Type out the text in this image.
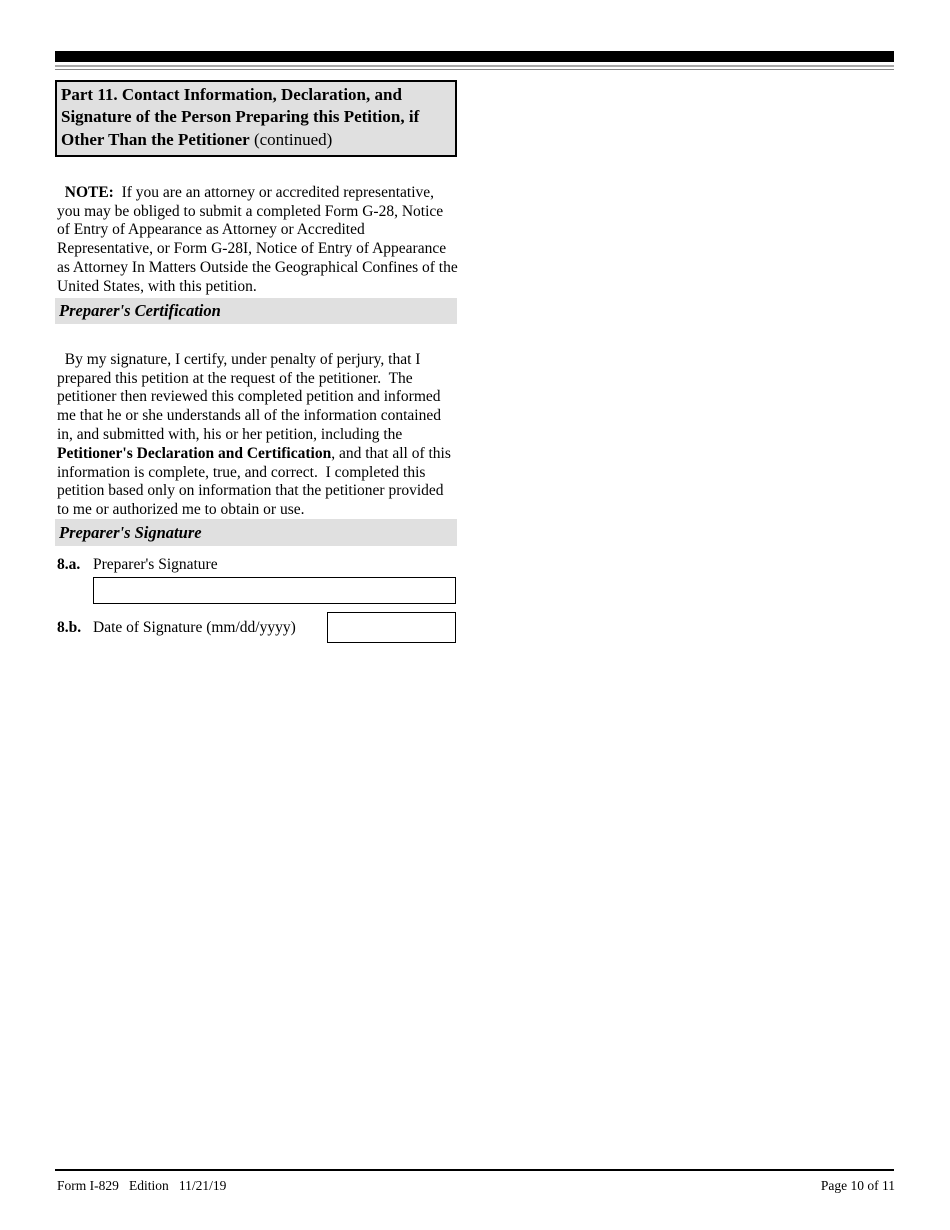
Part 11. Contact Information, Declaration, and Signature of the Person Preparing this Petition, if Other Than the Petitioner (continued)

NOTE:  If you are an attorney or accredited representative, you may be obliged to submit a completed Form G-28, Notice of Entry of Appearance as Attorney or Accredited Representative, or Form G-28I, Notice of Entry of Appearance as Attorney In Matters Outside the Geographical Confines of the United States, with this petition.

Preparer's Certification

By my signature, I certify, under penalty of perjury, that I prepared this petition at the request of the petitioner.  The petitioner then reviewed this completed petition and informed me that he or she understands all of the information contained in, and submitted with, his or her petition, including the Petitioner's Declaration and Certification, and that all of this information is complete, true, and correct.  I completed this petition based only on information that the petitioner provided to me or authorized me to obtain or use.

Preparer's Signature
8.a. Preparer's Signature
8.b. Date of Signature (mm/dd/yyyy)
Form I-829   Edition   11/21/19	Page 10 of 11
